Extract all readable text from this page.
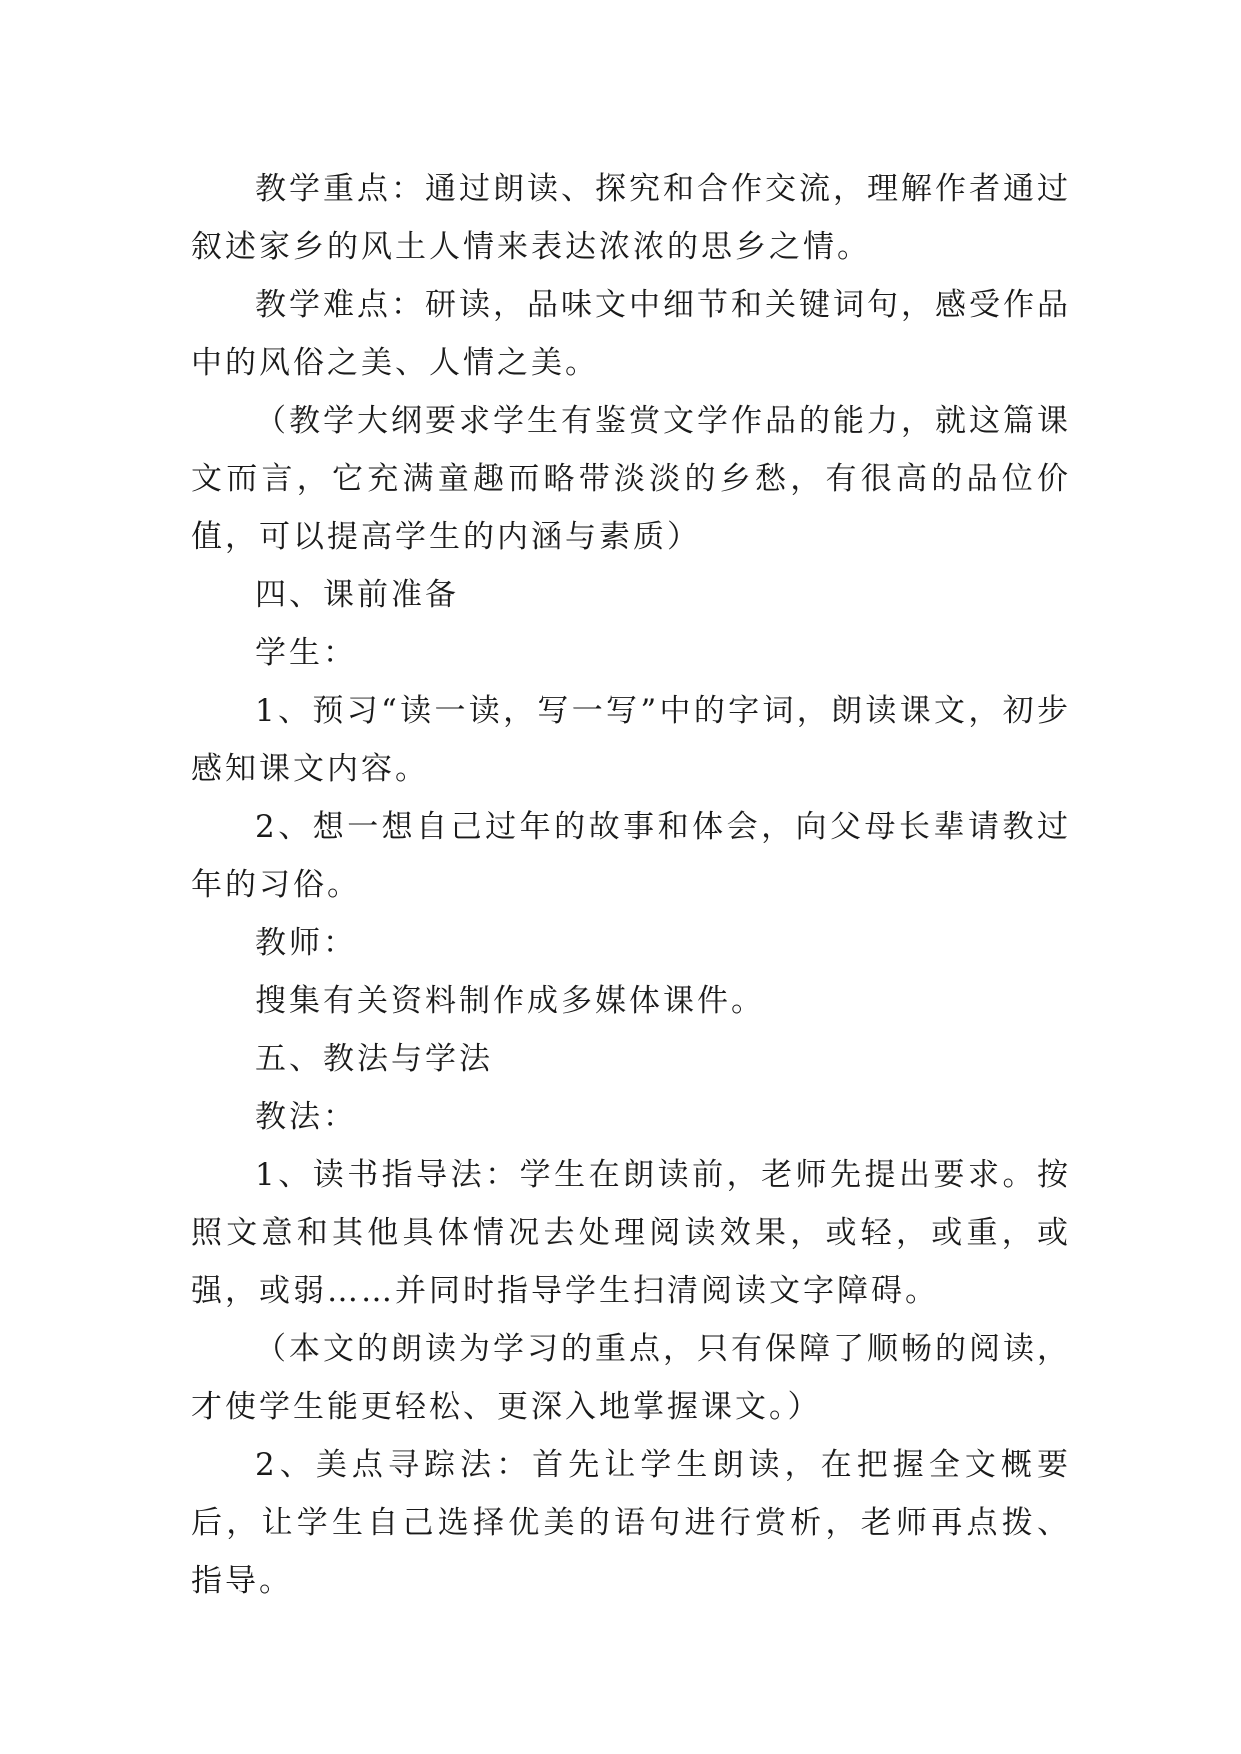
教学重点：通过朗读、探究和合作交流，理解作者通过叙述家乡的风土人情来表达浓浓的思乡之情。

教学难点：研读，品味文中细节和关键词句，感受作品中的风俗之美、人情之美。

（教学大纲要求学生有鉴赏文学作品的能力，就这篇课文而言，它充满童趣而略带淡淡的乡愁，有很高的品位价值，可以提高学生的内涵与素质）

四、课前准备

学生：

1、预习“读一读，写一写”中的字词，朗读课文，初步感知课文内容。

2、想一想自己过年的故事和体会，向父母长辈请教过年的习俗。

教师：

搜集有关资料制作成多媒体课件。

五、教法与学法

教法：

1、读书指导法：学生在朗读前，老师先提出要求。按照文意和其他具体情况去处理阅读效果，或轻，或重，或强，或弱……并同时指导学生扫清阅读文字障碍。

（本文的朗读为学习的重点，只有保障了顺畅的阅读，才使学生能更轻松、更深入地掌握课文。）

2、美点寻踪法：首先让学生朗读，在把握全文概要后，让学生自己选择优美的语句进行赏析，老师再点拨、指导。
